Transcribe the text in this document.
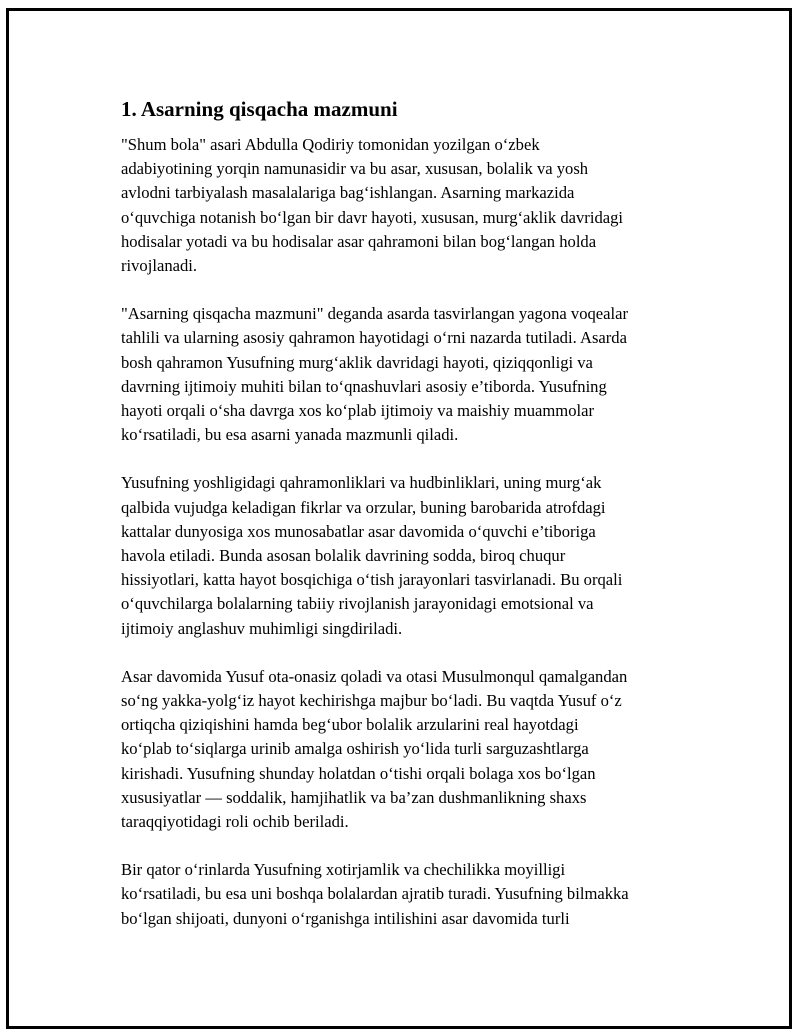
1. Asarning qisqacha mazmuni

"Shum bola" asari Abdulla Qodiriy tomonidan yozilgan o‘zbek
adabiyotining yorqin namunasidir va bu asar, xususan, bolalik va yosh
avlodni tarbiyalash masalalariga bag‘ishlangan. Asarning markazida
o‘quvchiga notanish bo‘lgan bir davr hayoti, xususan, murg‘aklik davridagi
hodisalar yotadi va bu hodisalar asar qahramoni bilan bog‘langan holda
rivojlanadi.

"Asarning qisqacha mazmuni" deganda asarda tasvirlangan yagona voqealar
tahlili va ularning asosiy qahramon hayotidagi o‘rni nazarda tutiladi. Asarda
bosh qahramon Yusufning murg‘aklik davridagi hayoti, qiziqqonligi va
davrning ijtimoiy muhiti bilan to‘qnashuvlari asosiy e’tiborda. Yusufning
hayoti orqali o‘sha davrga xos ko‘plab ijtimoiy va maishiy muammolar
ko‘rsatiladi, bu esa asarni yanada mazmunli qiladi.

Yusufning yoshligidagi qahramonliklari va hudbinliklari, uning murg‘ak
qalbida vujudga keladigan fikrlar va orzular, buning barobarida atrofdagi
kattalar dunyosiga xos munosabatlar asar davomida o‘quvchi e’tiboriga
havola etiladi. Bunda asosan bolalik davrining sodda, biroq chuqur
hissiyotlari, katta hayot bosqichiga o‘tish jarayonlari tasvirlanadi. Bu orqali
o‘quvchilarga bolalarning tabiiy rivojlanish jarayonidagi emotsional va
ijtimoiy anglashuv muhimligi singdiriladi.

Asar davomida Yusuf ota-onasiz qoladi va otasi Musulmonqul qamalgandan
so‘ng yakka-yolg‘iz hayot kechirishga majbur bo‘ladi. Bu vaqtda Yusuf o‘z
ortiqcha qiziqishini hamda beg‘ubor bolalik arzularini real hayotdagi
ko‘plab to‘siqlarga urinib amalga oshirish yo‘lida turli sarguzashtlarga
kirishadi. Yusufning shunday holatdan o‘tishi orqali bolaga xos bo‘lgan
xususiyatlar — soddalik, hamjihatlik va ba’zan dushmanlikning shaxs
taraqqiyotidagi roli ochib beriladi.

Bir qator o‘rinlarda Yusufning xotirjamlik va chechilikka moyilligi
ko‘rsatiladi, bu esa uni boshqa bolalardan ajratib turadi. Yusufning bilmakka
bo‘lgan shijoati, dunyoni o‘rganishga intilishini asar davomida turli
